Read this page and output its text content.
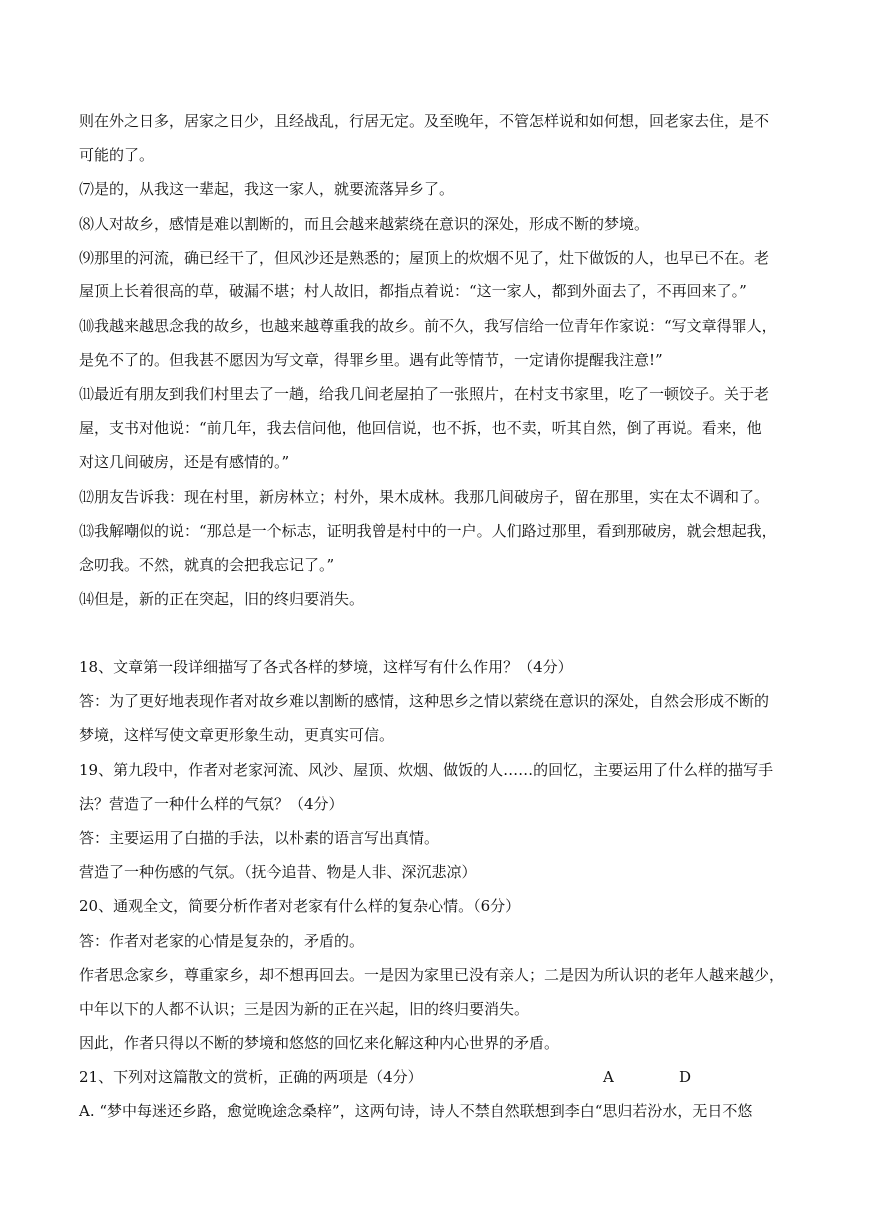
则在外之日多，居家之日少，且经战乱，行居无定。及至晚年，不管怎样说和如何想，回老家去住，是不
可能的了。
⑺是的，从我这一辈起，我这一家人，就要流落异乡了。
⑻人对故乡，感情是难以割断的，而且会越来越萦绕在意识的深处，形成不断的梦境。
⑼那里的河流，确已经干了，但风沙还是熟悉的；屋顶上的炊烟不见了，灶下做饭的人，也早已不在。老
屋顶上长着很高的草，破漏不堪；村人故旧，都指点着说：“这一家人，都到外面去了，不再回来了。”
⑽我越来越思念我的故乡，也越来越尊重我的故乡。前不久，我写信给一位青年作家说：“写文章得罪人，
是免不了的。但我甚不愿因为写文章，得罪乡里。遇有此等情节，一定请你提醒我注意!”
⑾最近有朋友到我们村里去了一趟，给我几间老屋拍了一张照片，在村支书家里，吃了一顿饺子。关于老
屋，支书对他说：“前几年，我去信问他，他回信说，也不拆，也不卖，听其自然，倒了再说。看来，他
对这几间破房，还是有感情的。”
⑿朋友告诉我：现在村里，新房林立；村外，果木成林。我那几间破房子，留在那里，实在太不调和了。
⒀我解嘲似的说：“那总是一个标志，证明我曾是村中的一户。人们路过那里，看到那破房，就会想起我，
念叨我。不然，就真的会把我忘记了。”
⒁但是，新的正在突起，旧的终归要消失。
18、文章第一段详细描写了各式各样的梦境，这样写有什么作用？（4分）
答：为了更好地表现作者对故乡难以割断的感情，这种思乡之情以萦绕在意识的深处，自然会形成不断的
梦境，这样写使文章更形象生动，更真实可信。
19、第九段中，作者对老家河流、风沙、屋顶、炊烟、做饭的人……的回忆，主要运用了什么样的描写手
法？营造了一种什么样的气氛？（4分）
答：主要运用了白描的手法，以朴素的语言写出真情。
营造了一种伤感的气氛。（抚今追昔、物是人非、深沉悲凉）
20、通观全文，简要分析作者对老家有什么样的复杂心情。（6分）
答：作者对老家的心情是复杂的，矛盾的。
作者思念家乡，尊重家乡，却不想再回去。一是因为家里已没有亲人；二是因为所认识的老年人越来越少，
中年以下的人都不认识；三是因为新的正在兴起，旧的终归要消失。
因此，作者只得以不断的梦境和悠悠的回忆来化解这种内心世界的矛盾。
21、下列对这篇散文的赏析，正确的两项是（4分）	A	D
A. “梦中每迷还乡路，愈觉晚途念桑梓”，这两句诗，诗人不禁自然联想到李白“思归若汾水，无日不悠
